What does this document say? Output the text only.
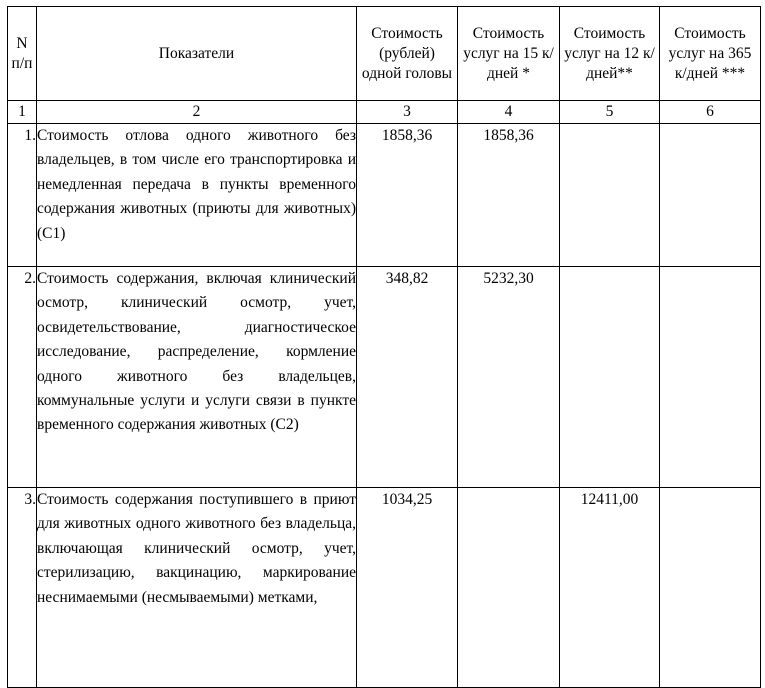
N п/п	Показатели	Стоимость (рублей) одной головы	Стоимость услуг на 15 к/дней *	Стоимость услуг на 12 к/ дней**	Стоимость услуг на 365 к/дней ***
1	2	3	4	5	6
1.	Стоимость отлова одного животного без владельцев, в том числе его транспортировка и немедленная передача в пункты временного содержания животных (приюты для животных) (С1)	1858,36	1858,36		
2.	Стоимость содержания, включая клинический осмотр, клинический осмотр, учет, освидетельствование, диагностическое исследование, распределение, кормление одного животного без владельцев, коммунальные услуги и услуги связи в пункте временного содержания животных (С2)	348,82	5232,30		
3.	Стоимость содержания поступившего в приют для животных одного животного без владельца, включающая клинический осмотр, учет, стерилизацию, вакцинацию, маркирование неснимаемыми (несмываемыми) метками,	1034,25		12411,00	
